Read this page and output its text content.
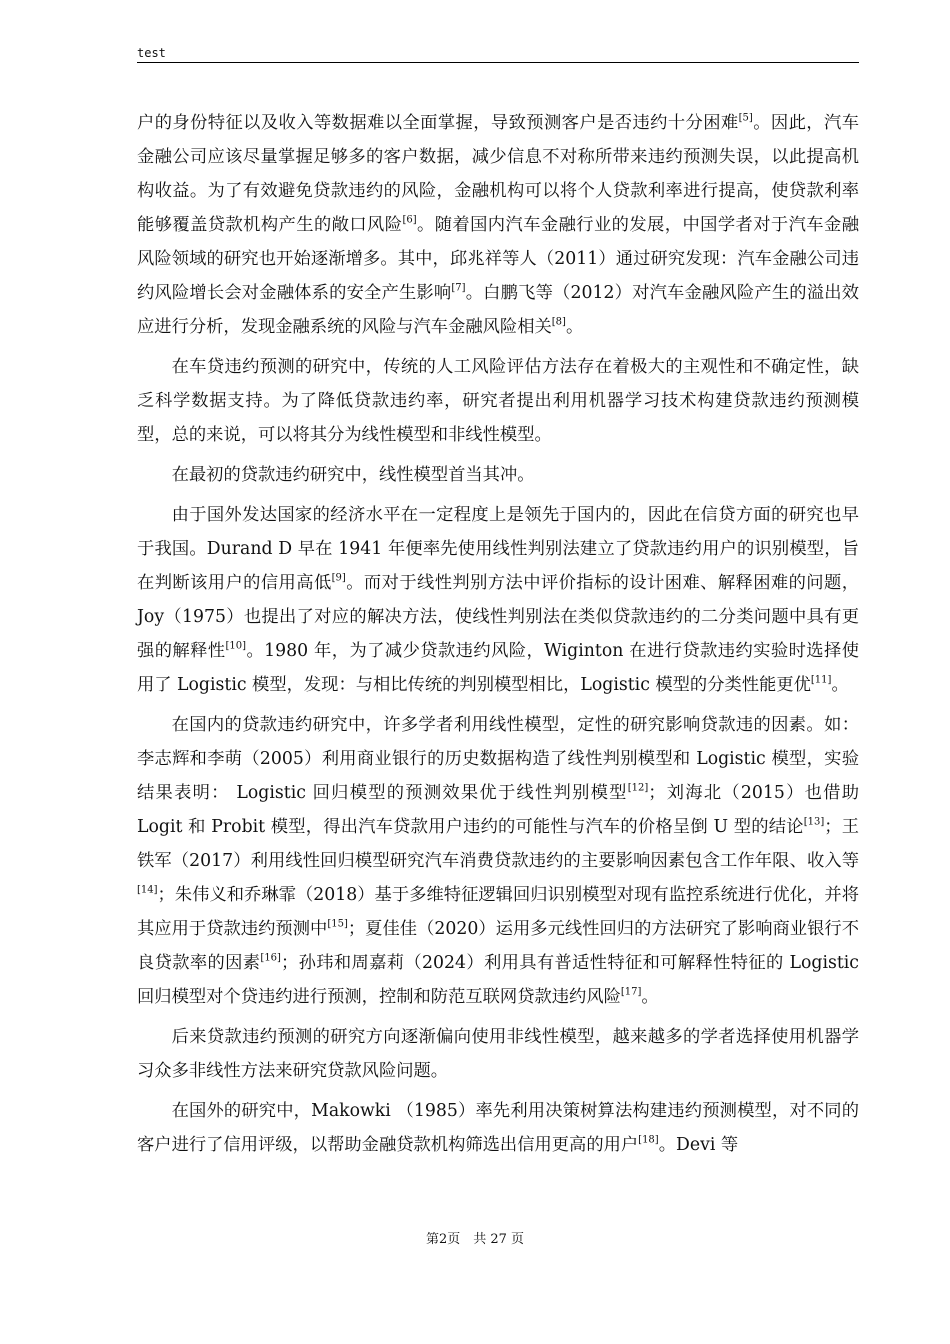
test

户的身份特征以及收入等数据难以全面掌握，导致预测客户是否违约十分困难[5]。因此，汽车金融公司应该尽量掌握足够多的客户数据，减少信息不对称所带来违约预测失误，以此提高机构收益。为了有效避免贷款违约的风险，金融机构可以将个人贷款利率进行提高，使贷款利率能够覆盖贷款机构产生的敞口风险[6]。随着国内汽车金融行业的发展，中国学者对于汽车金融风险领域的研究也开始逐渐增多。其中，邱兆祥等人（2011）通过研究发现：汽车金融公司违约风险增长会对金融体系的安全产生影响[7]。白鹏飞等（2012）对汽车金融风险产生的溢出效应进行分析，发现金融系统的风险与汽车金融风险相关[8]。

在车贷违约预测的研究中，传统的人工风险评估方法存在着极大的主观性和不确定性，缺乏科学数据支持。为了降低贷款违约率，研究者提出利用机器学习技术构建贷款违约预测模型，总的来说，可以将其分为线性模型和非线性模型。

在最初的贷款违约研究中，线性模型首当其冲。

由于国外发达国家的经济水平在一定程度上是领先于国内的，因此在信贷方面的研究也早于我国。Durand D 早在 1941 年便率先使用线性判别法建立了贷款违约用户的识别模型，旨在判断该用户的信用高低[9]。而对于线性判别方法中评价指标的设计困难、解释困难的问题，Joy（1975）也提出了对应的解决方法，使线性判别法在类似贷款违约的二分类问题中具有更强的解释性[10]。1980 年，为了减少贷款违约风险，Wiginton 在进行贷款违约实验时选择使用了 Logistic 模型，发现：与相比传统的判别模型相比，Logistic 模型的分类性能更优[11]。

在国内的贷款违约研究中，许多学者利用线性模型，定性的研究影响贷款违的因素。如：李志辉和李萌（2005）利用商业银行的历史数据构造了线性判别模型和 Logistic 模型，实验结果表明： Logistic 回归模型的预测效果优于线性判别模型[12]；刘海北（2015）也借助 Logit 和 Probit 模型，得出汽车贷款用户违约的可能性与汽车的价格呈倒 U 型的结论[13]；王铁军（2017）利用线性回归模型研究汽车消费贷款违约的主要影响因素包含工作年限、收入等[14]；朱伟义和乔琳霏（2018）基于多维特征逻辑回归识别模型对现有监控系统进行优化，并将其应用于贷款违约预测中[15]；夏佳佳（2020）运用多元线性回归的方法研究了影响商业银行不良贷款率的因素[16]；孙玮和周嘉莉（2024）利用具有普适性特征和可解释性特征的 Logistic 回归模型对个贷违约进行预测，控制和防范互联网贷款违约风险[17]。

后来贷款违约预测的研究方向逐渐偏向使用非线性模型，越来越多的学者选择使用机器学习众多非线性方法来研究贷款风险问题。

在国外的研究中，Makowki （1985）率先利用决策树算法构建违约预测模型，对不同的客户进行了信用评级，以帮助金融贷款机构筛选出信用更高的用户[18]。Devi 等

第2页　共 27 页
